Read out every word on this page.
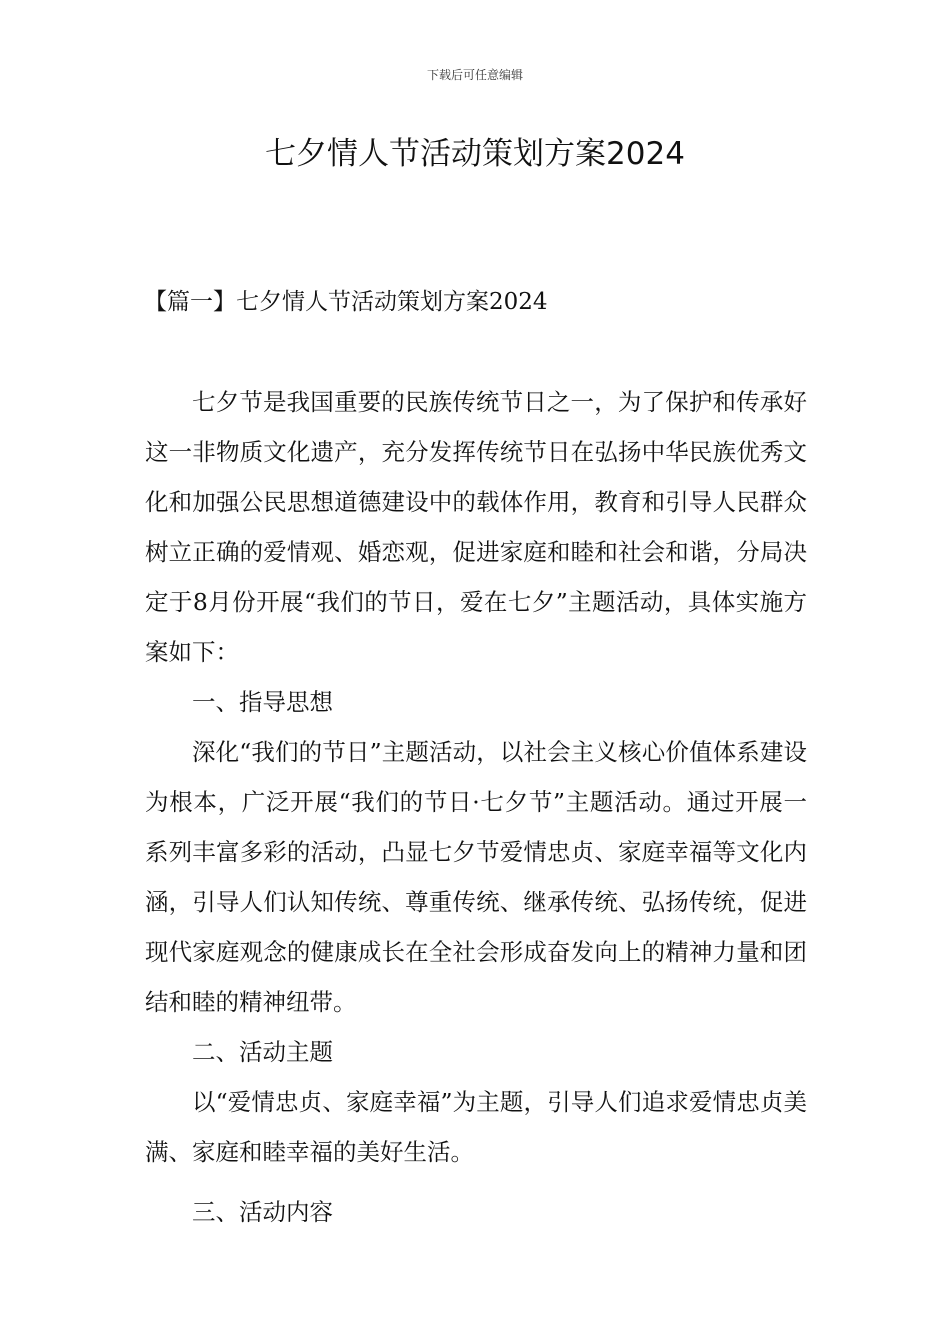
下载后可任意编辑
七夕情人节活动策划方案2024
【篇一】七夕情人节活动策划方案2024

七夕节是我国重要的民族传统节日之一，为了保护和传承好这一非物质文化遗产，充分发挥传统节日在弘扬中华民族优秀文化和加强公民思想道德建设中的载体作用，教育和引导人民群众树立正确的爱情观、婚恋观，促进家庭和睦和社会和谐，分局决定于8月份开展“我们的节日，爱在七夕”主题活动，具体实施方案如下：

一、指导思想

深化“我们的节日”主题活动，以社会主义核心价值体系建设为根本，广泛开展“我们的节日·七夕节”主题活动。通过开展一系列丰富多彩的活动，凸显七夕节爱情忠贞、家庭幸福等文化内涵，引导人们认知传统、尊重传统、继承传统、弘扬传统，促进现代家庭观念的健康成长在全社会形成奋发向上的精神力量和团结和睦的精神纽带。

二、活动主题

以“爱情忠贞、家庭幸福”为主题，引导人们追求爱情忠贞美满、家庭和睦幸福的美好生活。

三、活动内容
